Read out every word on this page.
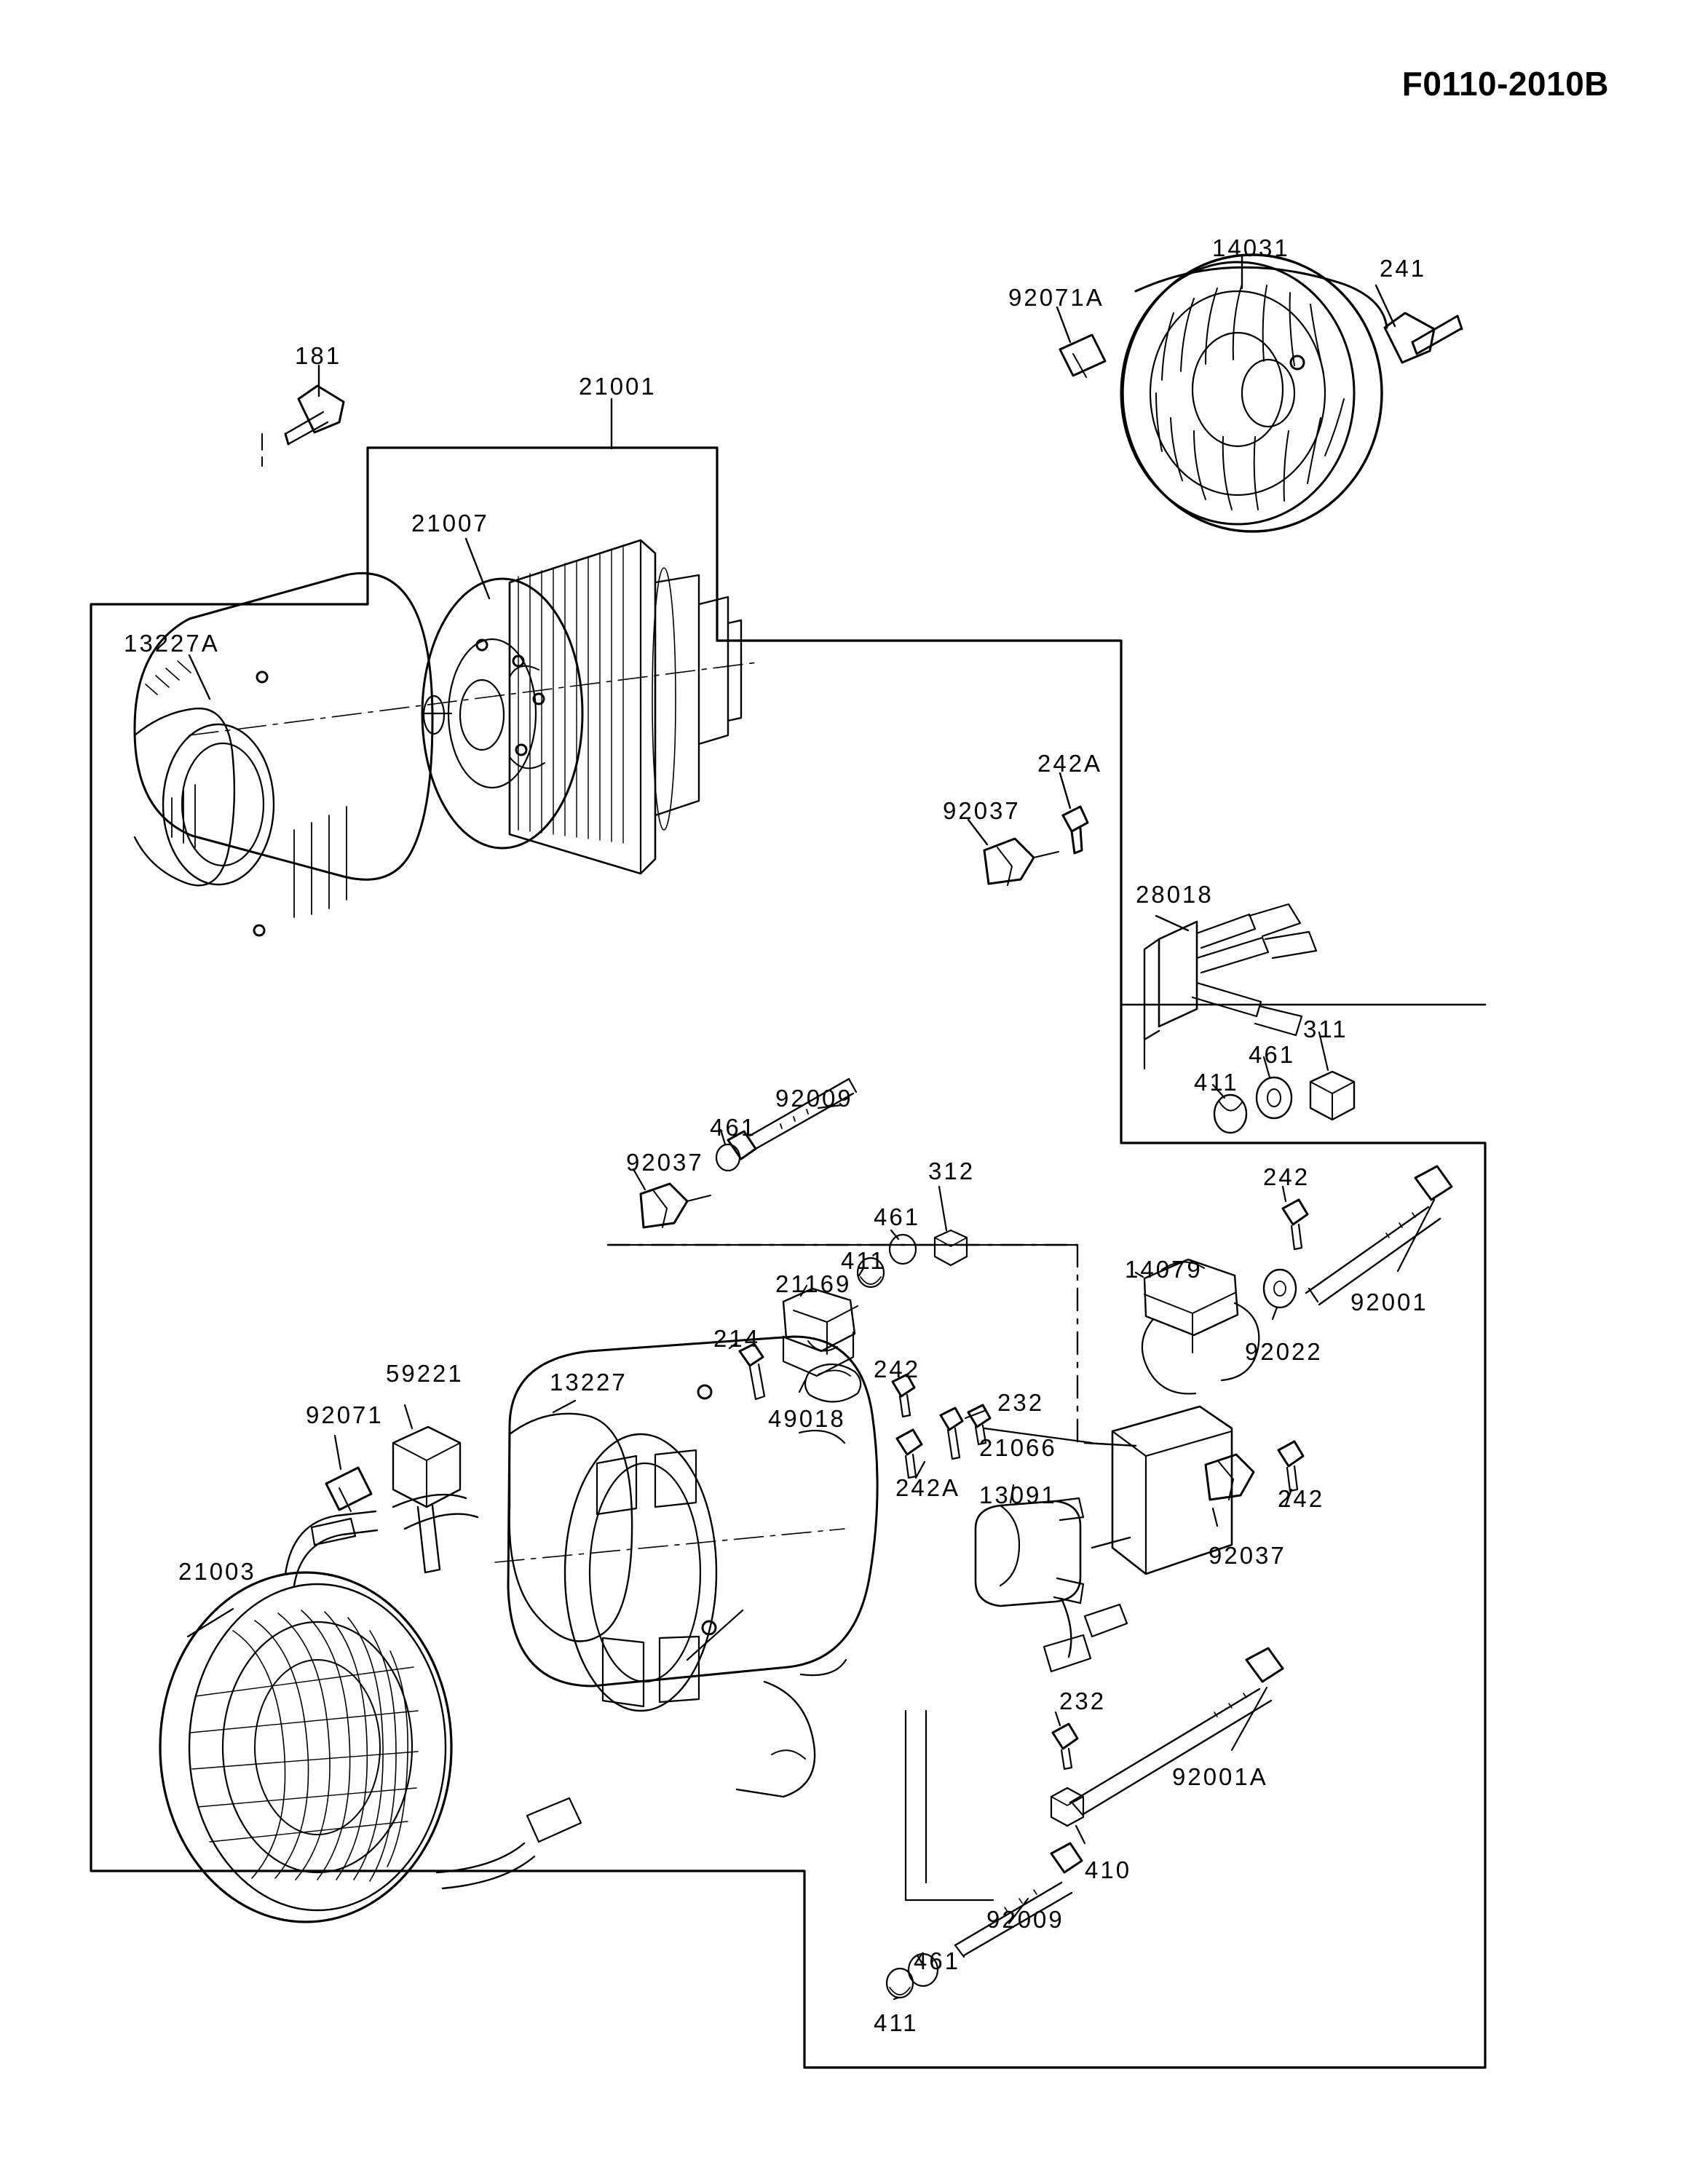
F0110-2010B
14031
241
92071A
181
21001
21007
13227A
242A
92037
28018
311
461
411
92009
461
92037	312	242
461
411	14079
21169
92001
214	92022
232
242
13227
59221
49018
21066
92071
242A 13091	242
92037
21003
232
92001A
410
92009
461
411
